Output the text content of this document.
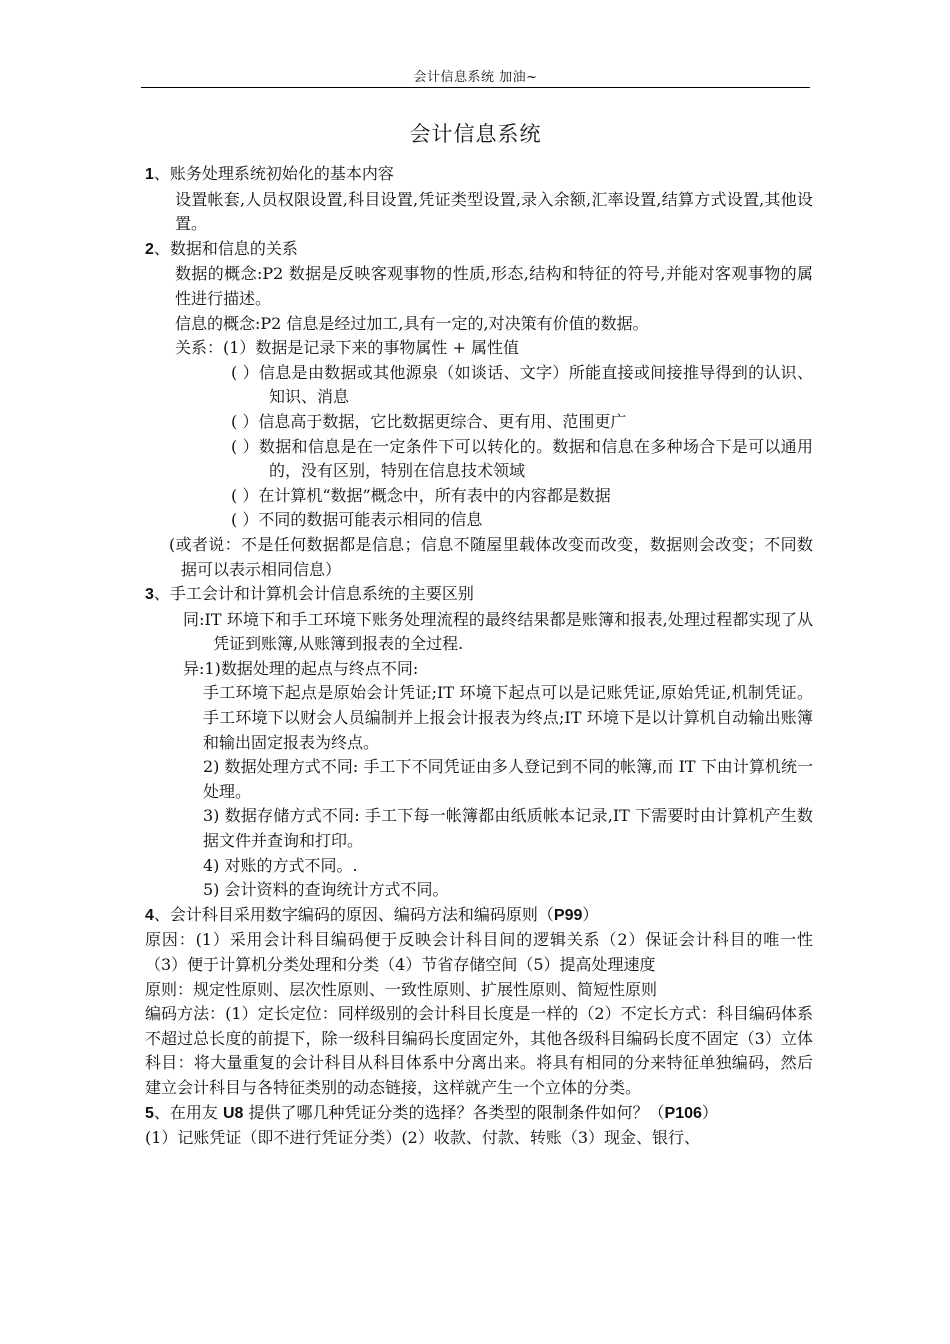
会计信息系统 加油~
会计信息系统

1、账务处理系统初始化的基本内容

设置帐套,人员权限设置,科目设置,凭证类型设置,录入余额,汇率设置,结算方式设置,其他设置。

2、数据和信息的关系

数据的概念:P2 数据是反映客观事物的性质,形态,结构和特征的符号,并能对客观事物的属性进行描述。

信息的概念:P2 信息是经过加工,具有一定的,对决策有价值的数据。

关系：(1）数据是记录下来的事物属性 + 属性值

( ）信息是由数据或其他源泉（如谈话、文字）所能直接或间接推导得到的认识、知识、消息

( ）信息高于数据，它比数据更综合、更有用、范围更广

( ）数据和信息是在一定条件下可以转化的。数据和信息在多种场合下是可以通用的，没有区别，特别在信息技术领域

( ）在计算机“数据”概念中，所有表中的内容都是数据

( ）不同的数据可能表示相同的信息

(或者说：不是任何数据都是信息；信息不随屋里载体改变而改变，数据则会改变；不同数据可以表示相同信息）

3、手工会计和计算机会计信息系统的主要区别

同:IT 环境下和手工环境下账务处理流程的最终结果都是账簿和报表,处理过程都实现了从凭证到账簿,从账簿到报表的全过程.

异:1)数据处理的起点与终点不同:

手工环境下起点是原始会计凭证;IT 环境下起点可以是记账凭证,原始凭证,机制凭证。 手工环境下以财会人员编制并上报会计报表为终点;IT 环境下是以计算机自动输出账簿和输出固定报表为终点。

2) 数据处理方式不同: 手工下不同凭证由多人登记到不同的帐簿,而 IT 下由计算机统一处理。

3) 数据存储方式不同: 手工下每一帐簿都由纸质帐本记录,IT 下需要时由计算机产生数据文件并查询和打印。

4) 对账的方式不同。.

5) 会计资料的查询统计方式不同。

4、会计科目采用数字编码的原因、编码方法和编码原则（P99）

原因：(1）采用会计科目编码便于反映会计科目间的逻辑关系（2）保证会计科目的唯一性（3）便于计算机分类处理和分类（4）节省存储空间（5）提高处理速度

原则：规定性原则、层次性原则、一致性原则、扩展性原则、简短性原则

编码方法：(1）定长定位：同样级别的会计科目长度是一样的（2）不定长方式：科目编码体系不超过总长度的前提下，除一级科目编码长度固定外，其他各级科目编码长度不固定（3）立体科目：将大量重复的会计科目从科目体系中分离出来。将具有相同的分来特征单独编码，然后建立会计科目与各特征类别的动态链接，这样就产生一个立体的分类。

5、在用友 U8 提供了哪几种凭证分类的选择？各类型的限制条件如何？（P106）

(1）记账凭证（即不进行凭证分类）(2）收款、付款、转账（3）现金、银行、
